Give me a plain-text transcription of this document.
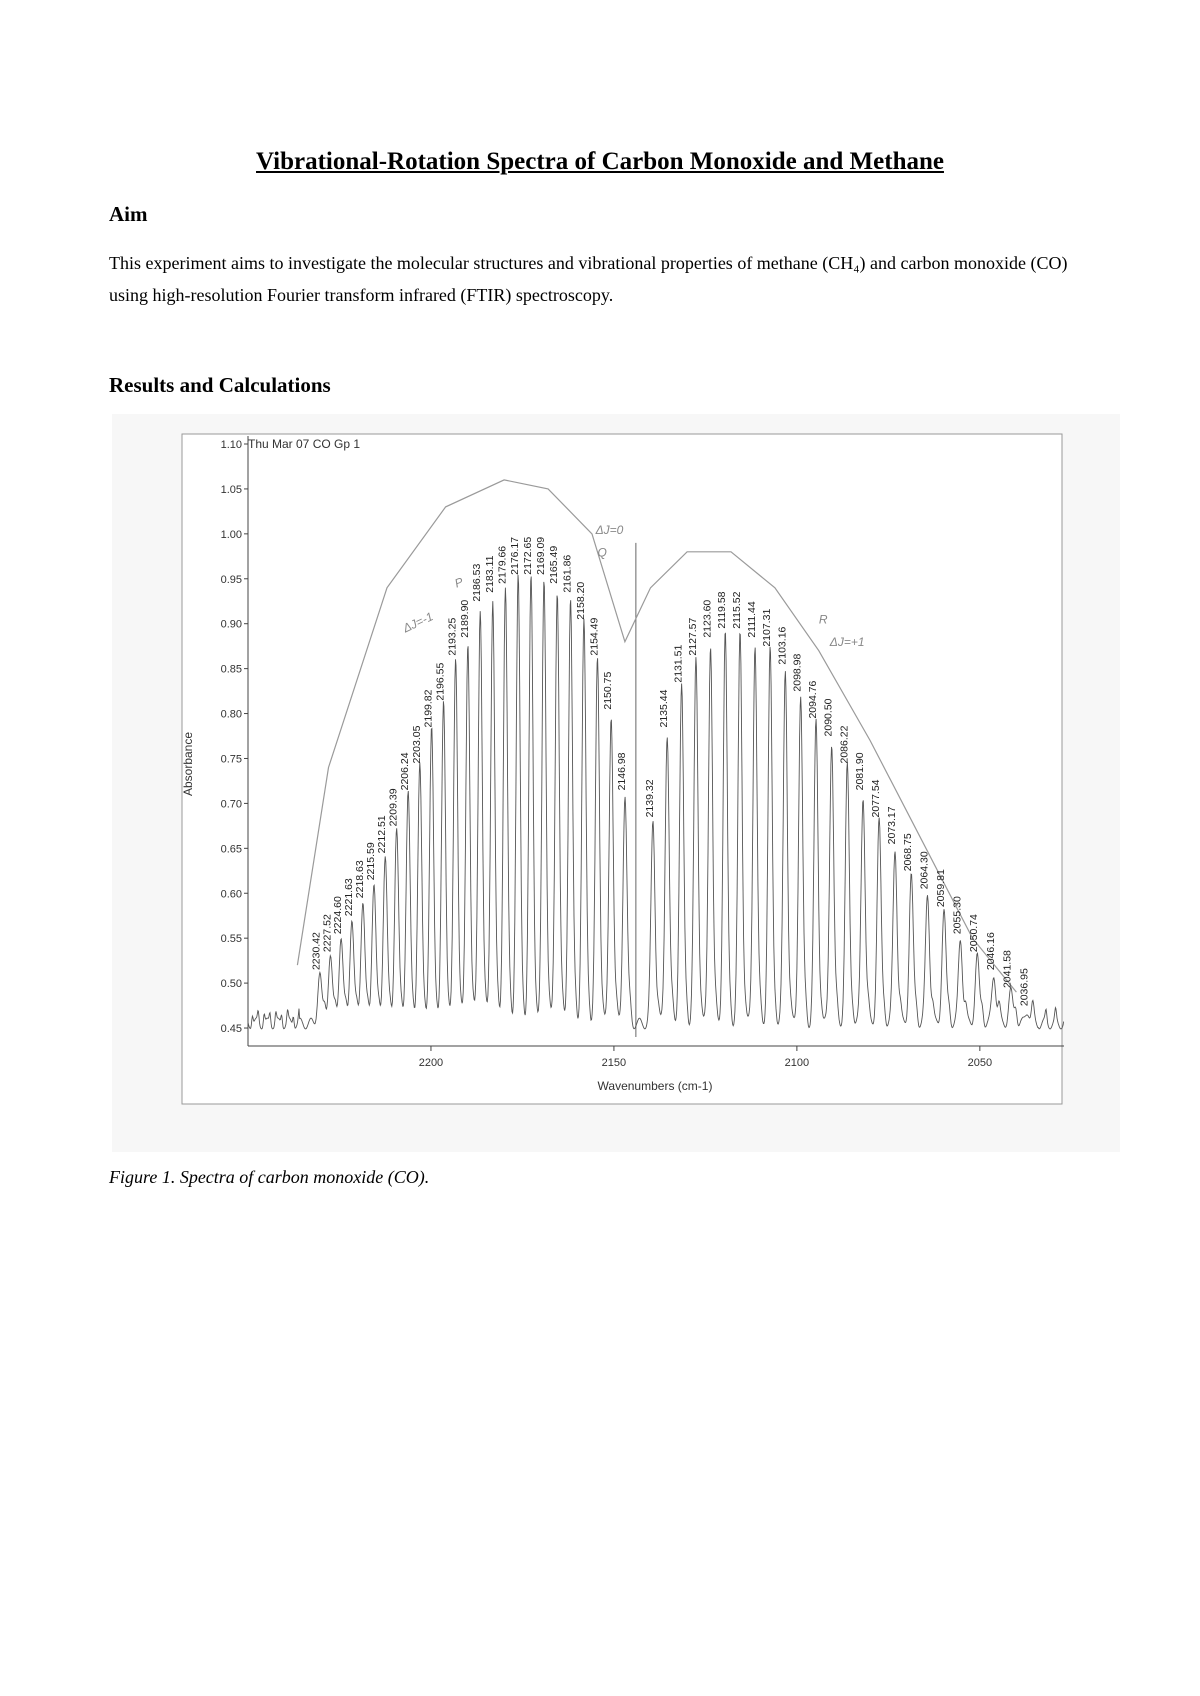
Vibrational-Rotation Spectra of Carbon Monoxide and Methane
Aim
This experiment aims to investigate the molecular structures and vibrational properties of methane (CH₄) and carbon monoxide (CO) using high-resolution Fourier transform infrared (FTIR) spectroscopy.
Results and Calculations
0.45
0.50
0.55
0.60
0.65
0.70
0.75
0.80
0.85
0.90
0.95
1.00
1.05
1.10
2200	2150	2100	2050
2230.42
2227.52
2224.60
2221.63 2218.63 2215.59
2212.51
2209.39
2206.24
2203.05
2199.82
2196.55
2193.25 2189.90
2186.53 2183.11 2179.66 2176.17 2172.65 2169.09 2165.49 2161.86
2158.20
2154.49
2150.75
2146.98
2139.32
2135.44
2131.51
2127.57 2123.60 2119.58 2115.52 2111.44 2107.31 2103.16
2098.98
2094.76 2090.50
2086.22
2081.90
2077.54
2073.17
2068.75 2064.30 2059.81
2055.30 2050.74 2046.16 2041.58 2036.95
ΔJ=0
Q
P
ΔJ=-1	R
ΔJ=+1
Thu Mar 07 CO Gp 1
Wavenumbers (cm-1)
Absorbance
Figure 1. Spectra of carbon monoxide (CO).
